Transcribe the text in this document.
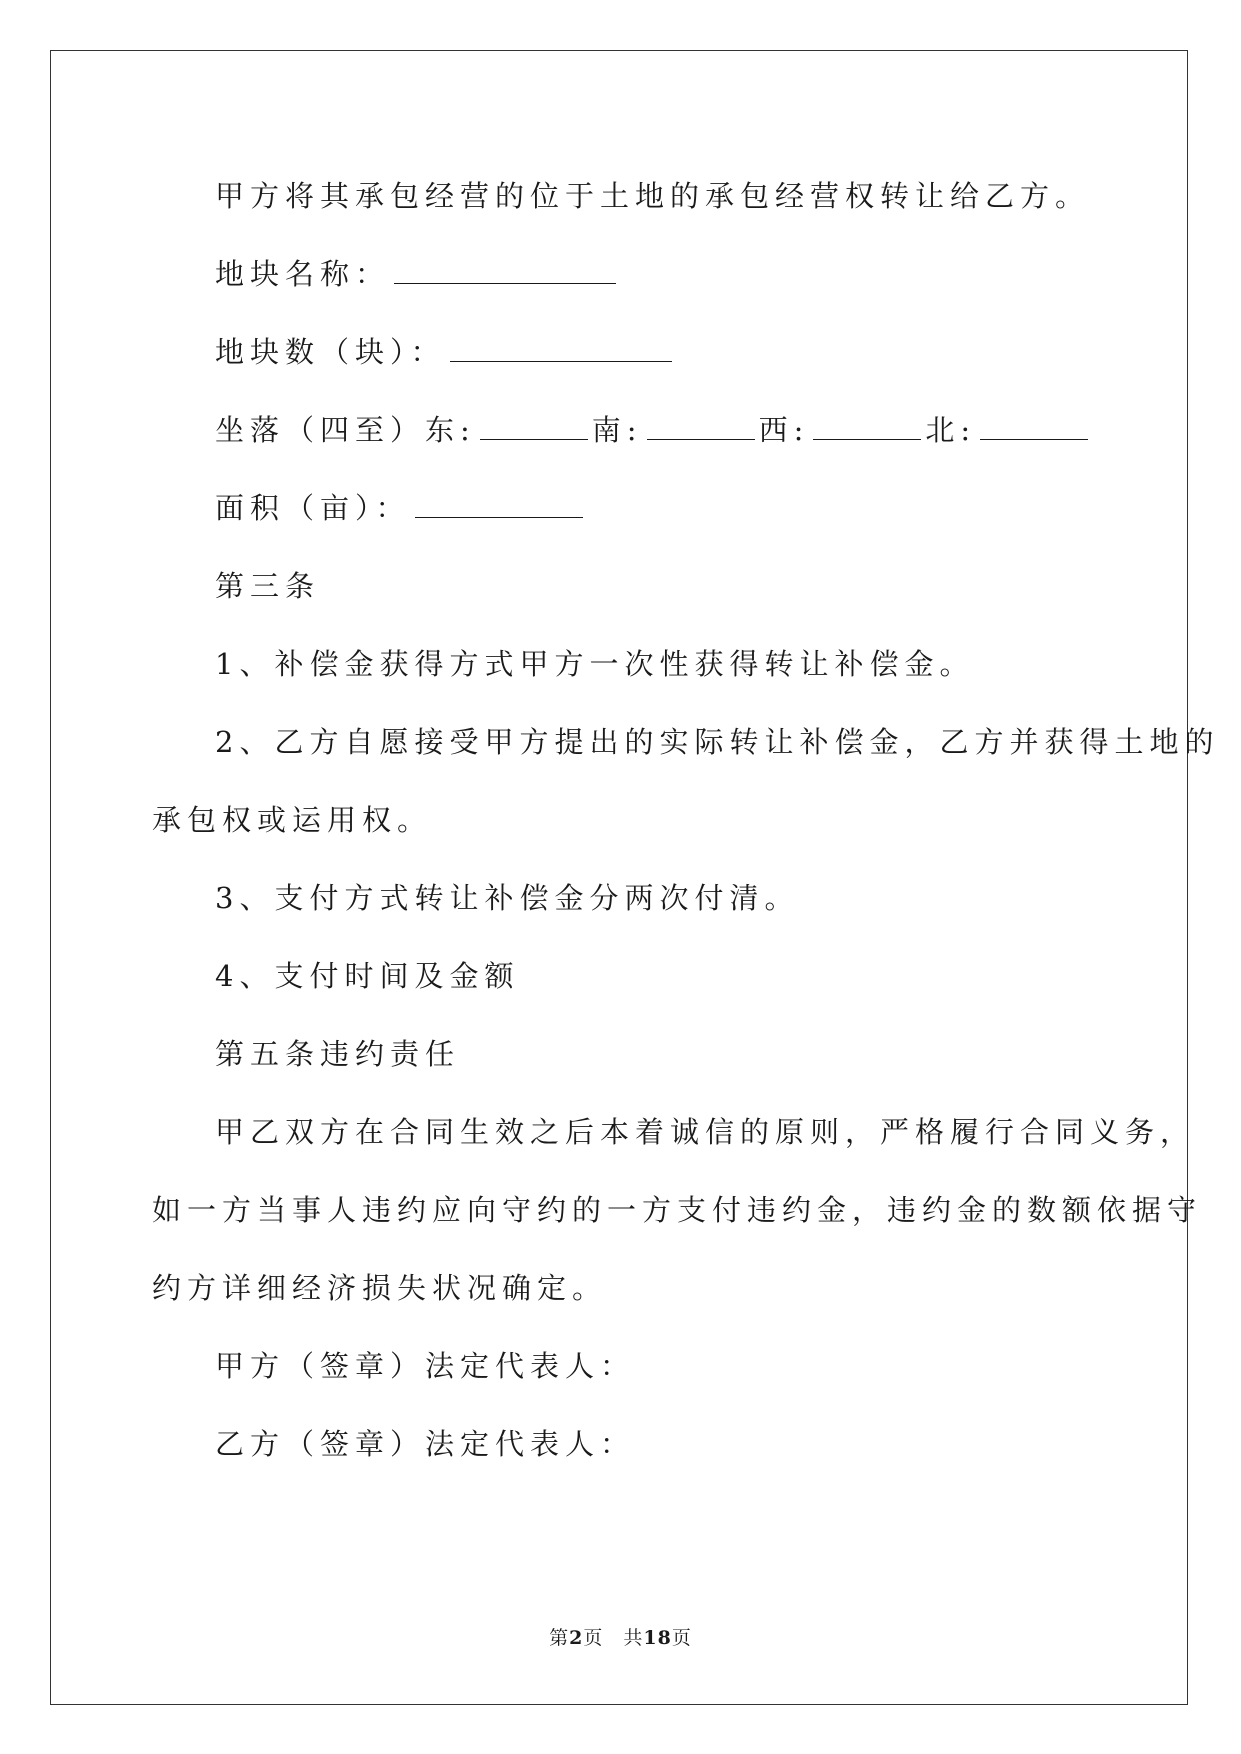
甲方将其承包经营的位于土地的承包经营权转让给乙方。
地块名称：
地块数（块）：
坐落（四至）东:	南:	西:	北:
面积（亩）：
第三条
1、补偿金获得方式甲方一次性获得转让补偿金。
2、乙方自愿接受甲方提出的实际转让补偿金，乙方并获得土地的
承包权或运用权。
3、支付方式转让补偿金分两次付清。
4、支付时间及金额
第五条违约责任
甲乙双方在合同生效之后本着诚信的原则，严格履行合同义务，
如一方当事人违约应向守约的一方支付违约金，违约金的数额依据守
约方详细经济损失状况确定。
甲方（签章）法定代表人：
乙方（签章）法定代表人：
第2页 共18页
